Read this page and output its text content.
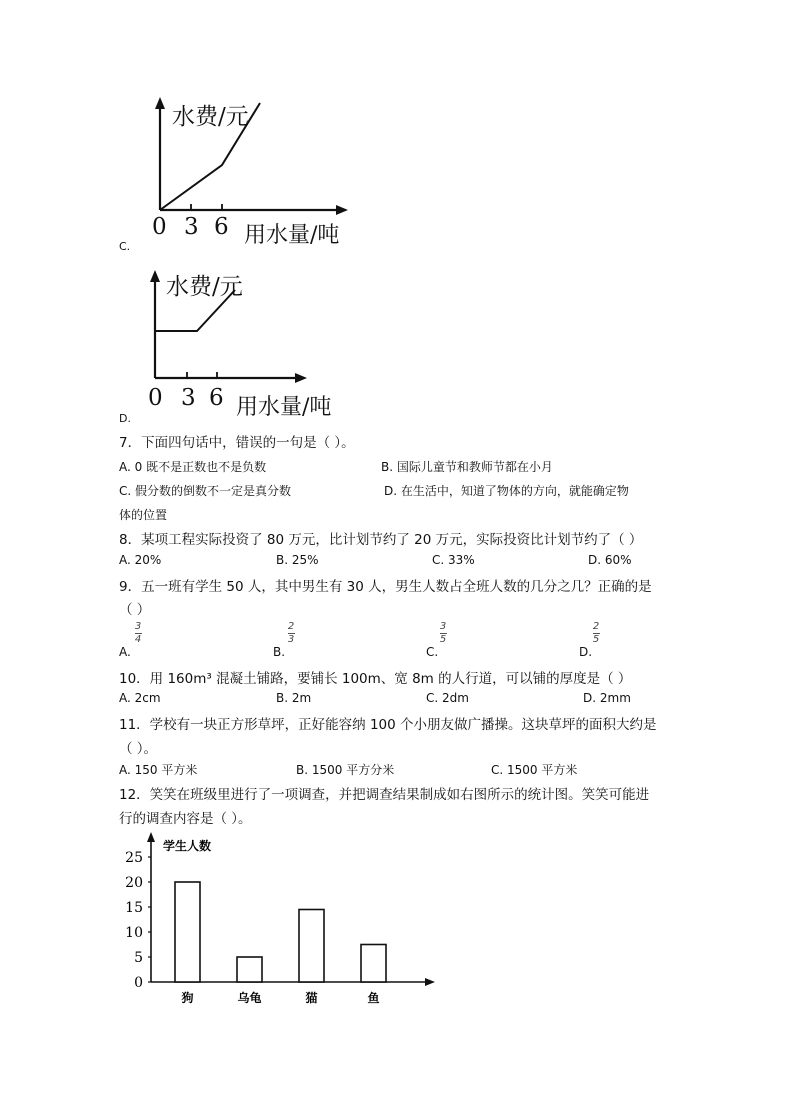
水费/元
0 3 6 用水量/吨
C.
水费/元
0 3 6 用水量/吨
D.
7．下面四句话中，错误的一句是（ ）。
A. 0 既不是正数也不是负数	B. 国际儿童节和教师节都在小月
C. 假分数的倒数不一定是真分数	D. 在生活中，知道了物体的方向，就能确定物
体的位置
8．某项工程实际投资了 80 万元，比计划节约了 20 万元，实际投资比计划节约了（ ）
A. 20%	B. 25%	C. 33%	D. 60%
9．五一班有学生 50 人，其中男生有 30 人，男生人数占全班人数的几分之几？正确的是
（ ）
A.
3
4
B.
2
3
C.
3
5
D.
2
5
10．用 160m³ 混凝土铺路，要铺长 100m、宽 8m 的人行道，可以铺的厚度是（ ）
A. 2cm	B. 2m	C. 2dm	D. 2mm
11．学校有一块正方形草坪，正好能容纳 100 个小朋友做广播操。这块草坪的面积大约是
（ ）。
A. 150 平方米	B. 1500 平方分米	C. 1500 平方米
12．笑笑在班级里进行了一项调查，并把调查结果制成如右图所示的统计图。笑笑可能进
行的调查内容是（ ）。
学生人数
0
5
10
15
20
25
狗	乌龟	猫	鱼
